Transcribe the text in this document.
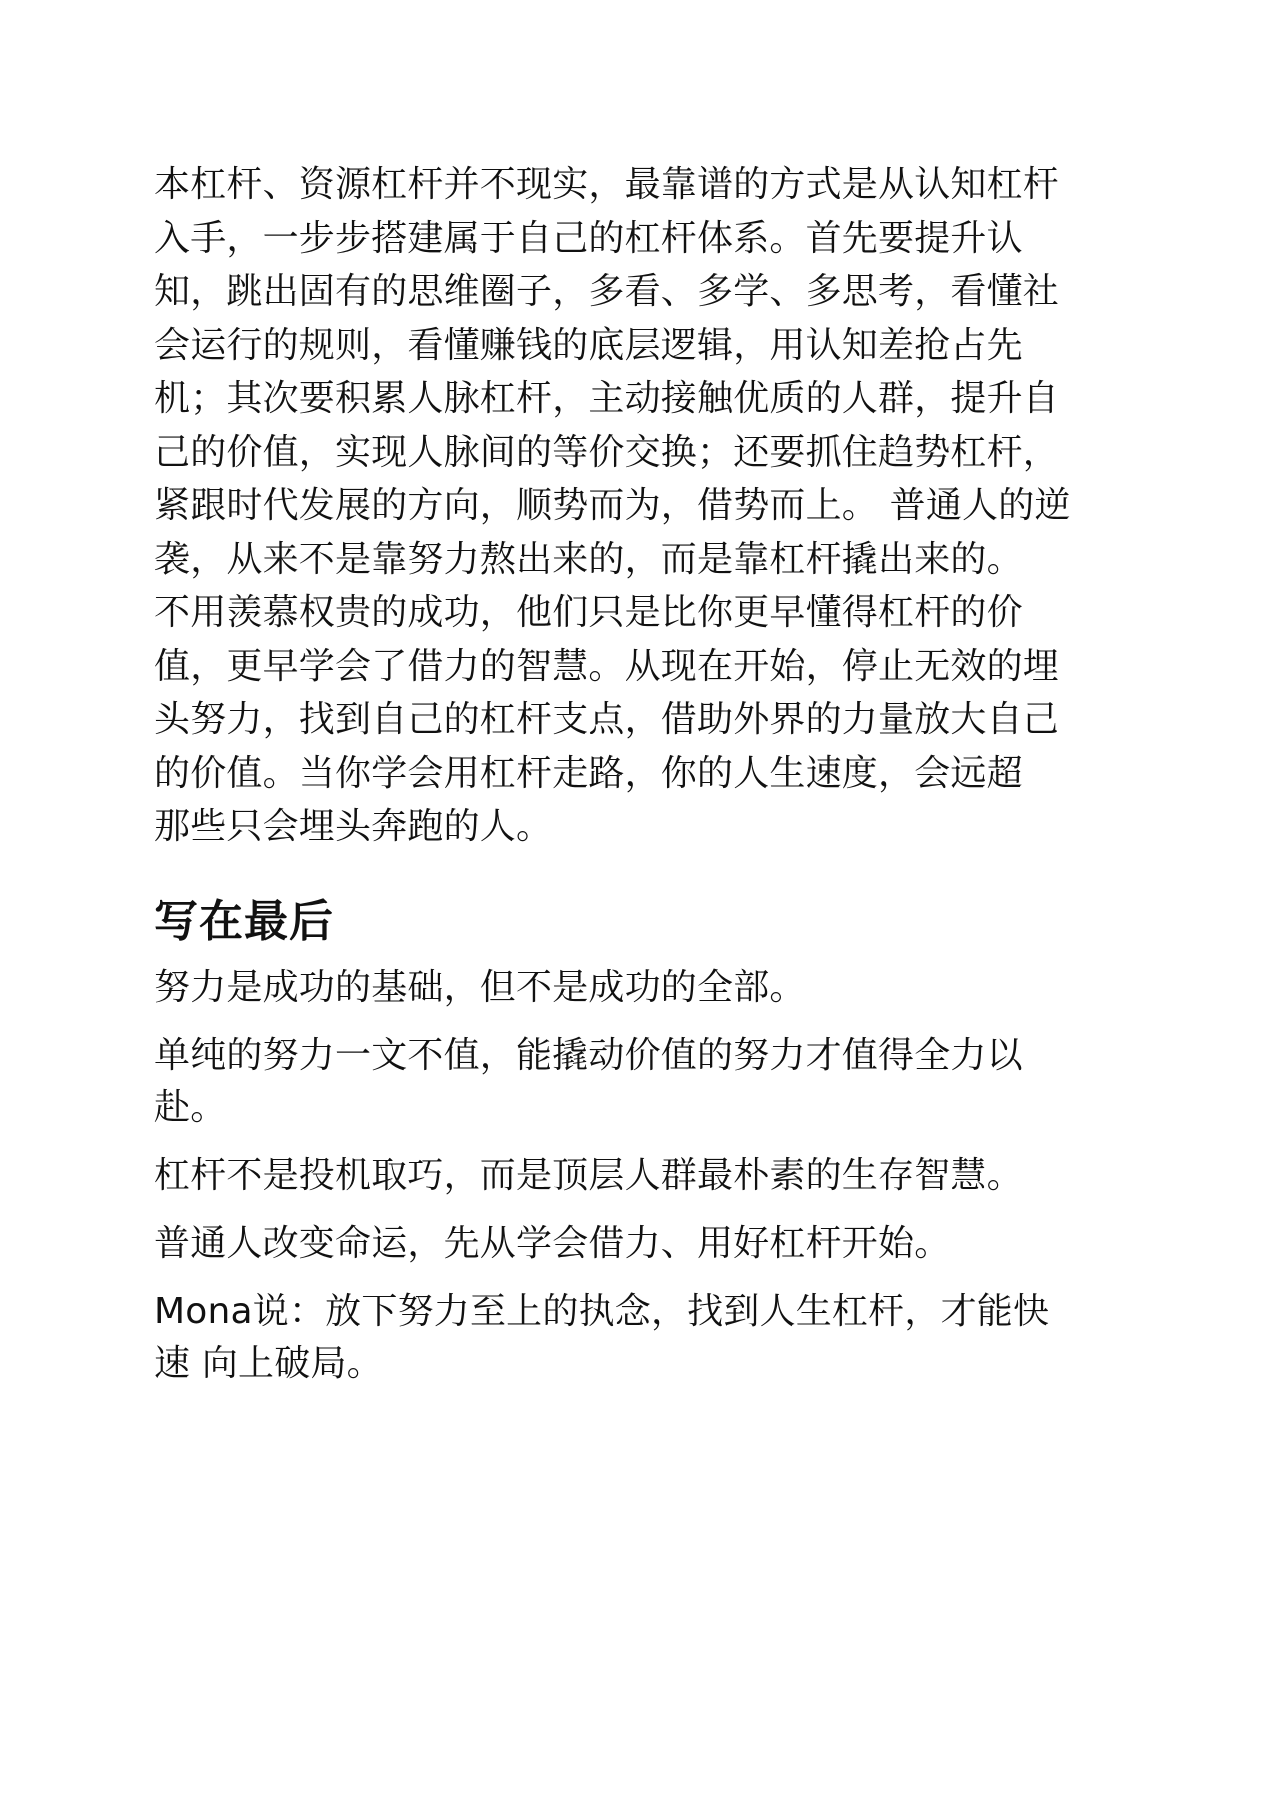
本杠杆、资源杠杆并不现实，最靠谱的方式是从认知杠杆
入手，一步步搭建属于自己的杠杆体系。首先要提升认
知，跳出固有的思维圈子，多看、多学、多思考，看懂社
会运行的规则，看懂赚钱的底层逻辑，用认知差抢占先
机；其次要积累人脉杠杆，主动接触优质的人群，提升自
己的价值，实现人脉间的等价交换；还要抓住趋势杠杆，
紧跟时代发展的方向，顺势而为，借势而上。 普通人的逆
袭，从来不是靠努力熬出来的，而是靠杠杆撬出来的。
不用羡慕权贵的成功，他们只是比你更早懂得杠杆的价
值，更早学会了借力的智慧。从现在开始，停止无效的埋
头努力，找到自己的杠杆支点，借助外界的力量放大自己
的价值。当你学会用杠杆走路，你的人生速度，会远超
那些只会埋头奔跑的人。
写在最后
努力是成功的基础，但不是成功的全部。
单纯的努力一文不值，能撬动价值的努力才值得全力以
赴。
杠杆不是投机取巧，而是顶层人群最朴素的生存智慧。
普通人改变命运，先从学会借力、用好杠杆开始。
Mona说：放下努力至上的执念，找到人生杠杆，才能快
速 向上破局。
